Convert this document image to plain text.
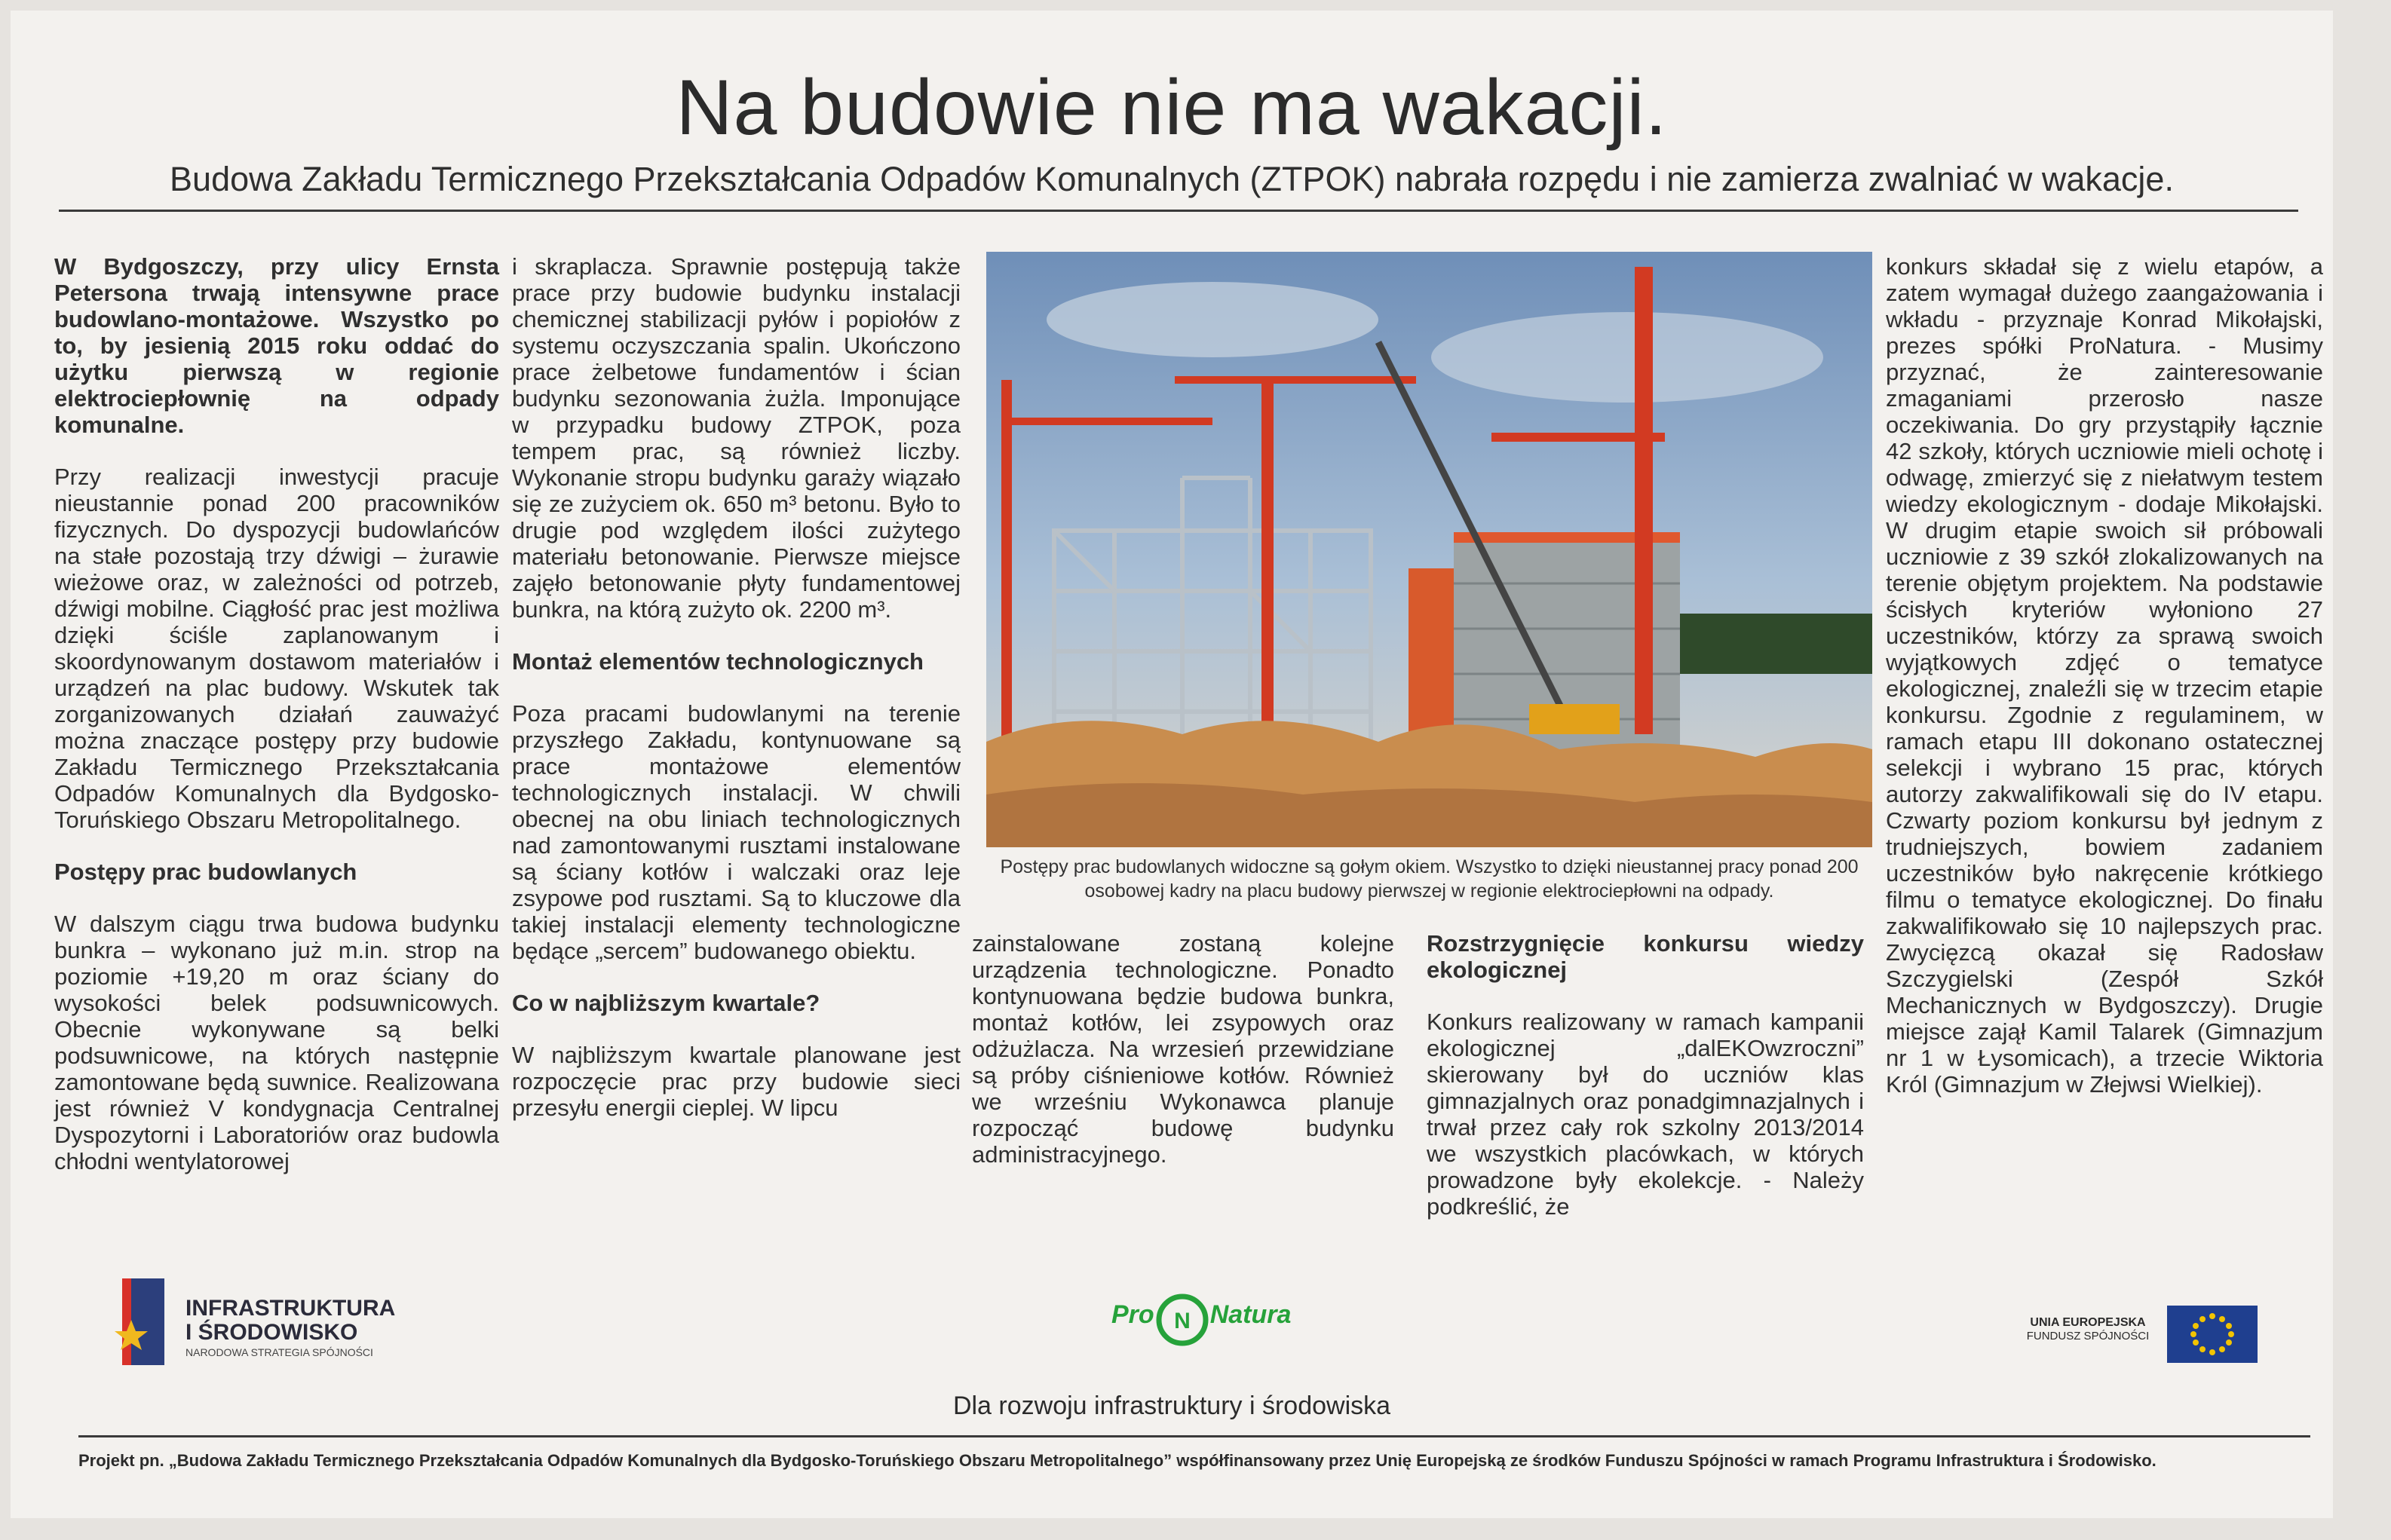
Na budowie nie ma wakacji.
Budowa Zakładu Termicznego Przekształcania Odpadów Komunalnych (ZTPOK) nabrała rozpędu i nie zamierza zwalniać w wakacje.

W Bydgoszczy, przy ulicy Ernsta Petersona trwają intensywne prace budowlano-montażowe. Wszystko po to, by jesienią 2015 roku oddać do użytku pierwszą w regionie elektrociepłownię na odpady komunalne.

Przy realizacji inwestycji pracuje nieustannie ponad 200 pracowników fizycznych. Do dyspozycji budowlańców na stałe pozostają trzy dźwigi – żurawie wieżowe oraz, w zależności od potrzeb, dźwigi mobilne. Ciągłość prac jest możliwa dzięki ściśle zaplanowanym i skoordynowanym dostawom materiałów i urządzeń na plac budowy. Wskutek tak zorganizowanych działań zauważyć można znaczące postępy przy budowie Zakładu Termicznego Przekształcania Odpadów Komunalnych dla Bydgosko-Toruńskiego Obszaru Metropolitalnego.

Postępy prac budowlanych

W dalszym ciągu trwa budowa budynku bunkra – wykonano już m.in. strop na poziomie +19,20 m oraz ściany do wysokości belek podsuwnicowych. Obecnie wykonywane są belki podsuwnicowe, na których następnie zamontowane będą suwnice. Realizowana jest również V kondygnacja Centralnej Dyspozytorni i Laboratoriów oraz budowla chłodni wentylatorowej

i skraplacza. Sprawnie postępują także prace przy budowie budynku instalacji chemicznej stabilizacji pyłów i popiołów z systemu oczyszczania spalin. Ukończono prace żelbetowe fundamentów i ścian budynku sezonowania żużla. Imponujące w przypadku budowy ZTPOK, poza tempem prac, są również liczby. Wykonanie stropu budynku garaży wiązało się ze zużyciem ok. 650 m³ betonu. Było to drugie pod względem ilości zużytego materiału betonowanie. Pierwsze miejsce zajęło betonowanie płyty fundamentowej bunkra, na którą zużyto ok. 2200 m³.

Montaż elementów technologicznych

Poza pracami budowlanymi na terenie przyszłego Zakładu, kontynuowane są prace montażowe elementów technologicznych instalacji. W chwili obecnej na obu liniach technologicznych nad zamontowanymi rusztami instalowane są ściany kotłów i walczaki oraz leje zsypowe pod rusztami. Są to kluczowe dla takiej instalacji elementy technologiczne będące „sercem” budowanego obiektu.

Co w najbliższym kwartale?

W najbliższym kwartale planowane jest rozpoczęcie prac przy budowie sieci przesyłu energii cieplej. W lipcu

Postępy prac budowlanych widoczne są gołym okiem. Wszystko to dzięki nieustannej pracy ponad 200 osobowej kadry na placu budowy pierwszej w regionie elektrociepłowni na odpady.

zainstalowane zostaną kolejne urządzenia technologiczne. Ponadto kontynuowana będzie budowa bunkra, montaż kotłów, lei zsypowych oraz odżużlacza. Na wrzesień przewidziane są próby ciśnieniowe kotłów. Również we wrześniu Wykonawca planuje rozpocząć budowę budynku administracyjnego.

Rozstrzygnięcie konkursu wiedzy ekologicznej

Konkurs realizowany w ramach kampanii ekologicznej „dalEKOwzroczni” skierowany był do uczniów klas gimnazjalnych oraz ponadgimnazjalnych i trwał przez cały rok szkolny 2013/2014 we wszystkich placówkach, w których prowadzone były ekolekcje. - Należy podkreślić, że

konkurs składał się z wielu etapów, a zatem wymagał dużego zaangażowania i wkładu - przyznaje Konrad Mikołajski, prezes spółki ProNatura. - Musimy przyznać, że zainteresowanie zmaganiami przerosło nasze oczekiwania. Do gry przystąpiły łącznie 42 szkoły, których uczniowie mieli ochotę i odwagę, zmierzyć się z niełatwym testem wiedzy ekologicznym - dodaje Mikołajski. W drugim etapie swoich sił próbowali uczniowie z 39 szkół zlokalizowanych na terenie objętym projektem. Na podstawie ścisłych kryteriów wyłoniono 27 uczestników, którzy za sprawą swoich wyjątkowych zdjęć o tematyce ekologicznej, znaleźli się w trzecim etapie konkursu. Zgodnie z regulaminem, w ramach etapu III dokonano ostatecznej selekcji i wybrano 15 prac, których autorzy zakwalifikowali się do IV etapu. Czwarty poziom konkursu był jednym z trudniejszych, bowiem zadaniem uczestników było nakręcenie krótkiego filmu o tematyce ekologicznej. Do finału zakwalifikowało się 10 najlepszych prac. Zwycięzcą okazał się Radosław Szczygielski (Zespół Szkół Mechanicznych w Bydgoszczy). Drugie miejsce zajął Kamil Talarek (Gimnazjum nr 1 w Łysomicach), a trzecie Wiktoria Król (Gimnazjum w Złejwsi Wielkiej).

INFRASTRUKTURA
I ŚRODOWISKO
NARODOWA STRATEGIA SPÓJNOŚCI
Pro N Natura	UNIA EUROPEJSKA
FUNDUSZ SPÓJNOŚCI
Dla rozwoju infrastruktury i środowiska
Projekt pn. „Budowa Zakładu Termicznego Przekształcania Odpadów Komunalnych dla Bydgosko-Toruńskiego Obszaru Metropolitalnego” współfinansowany przez Unię Europejską ze środków Funduszu Spójności w ramach Programu Infrastruktura i Środowisko.
